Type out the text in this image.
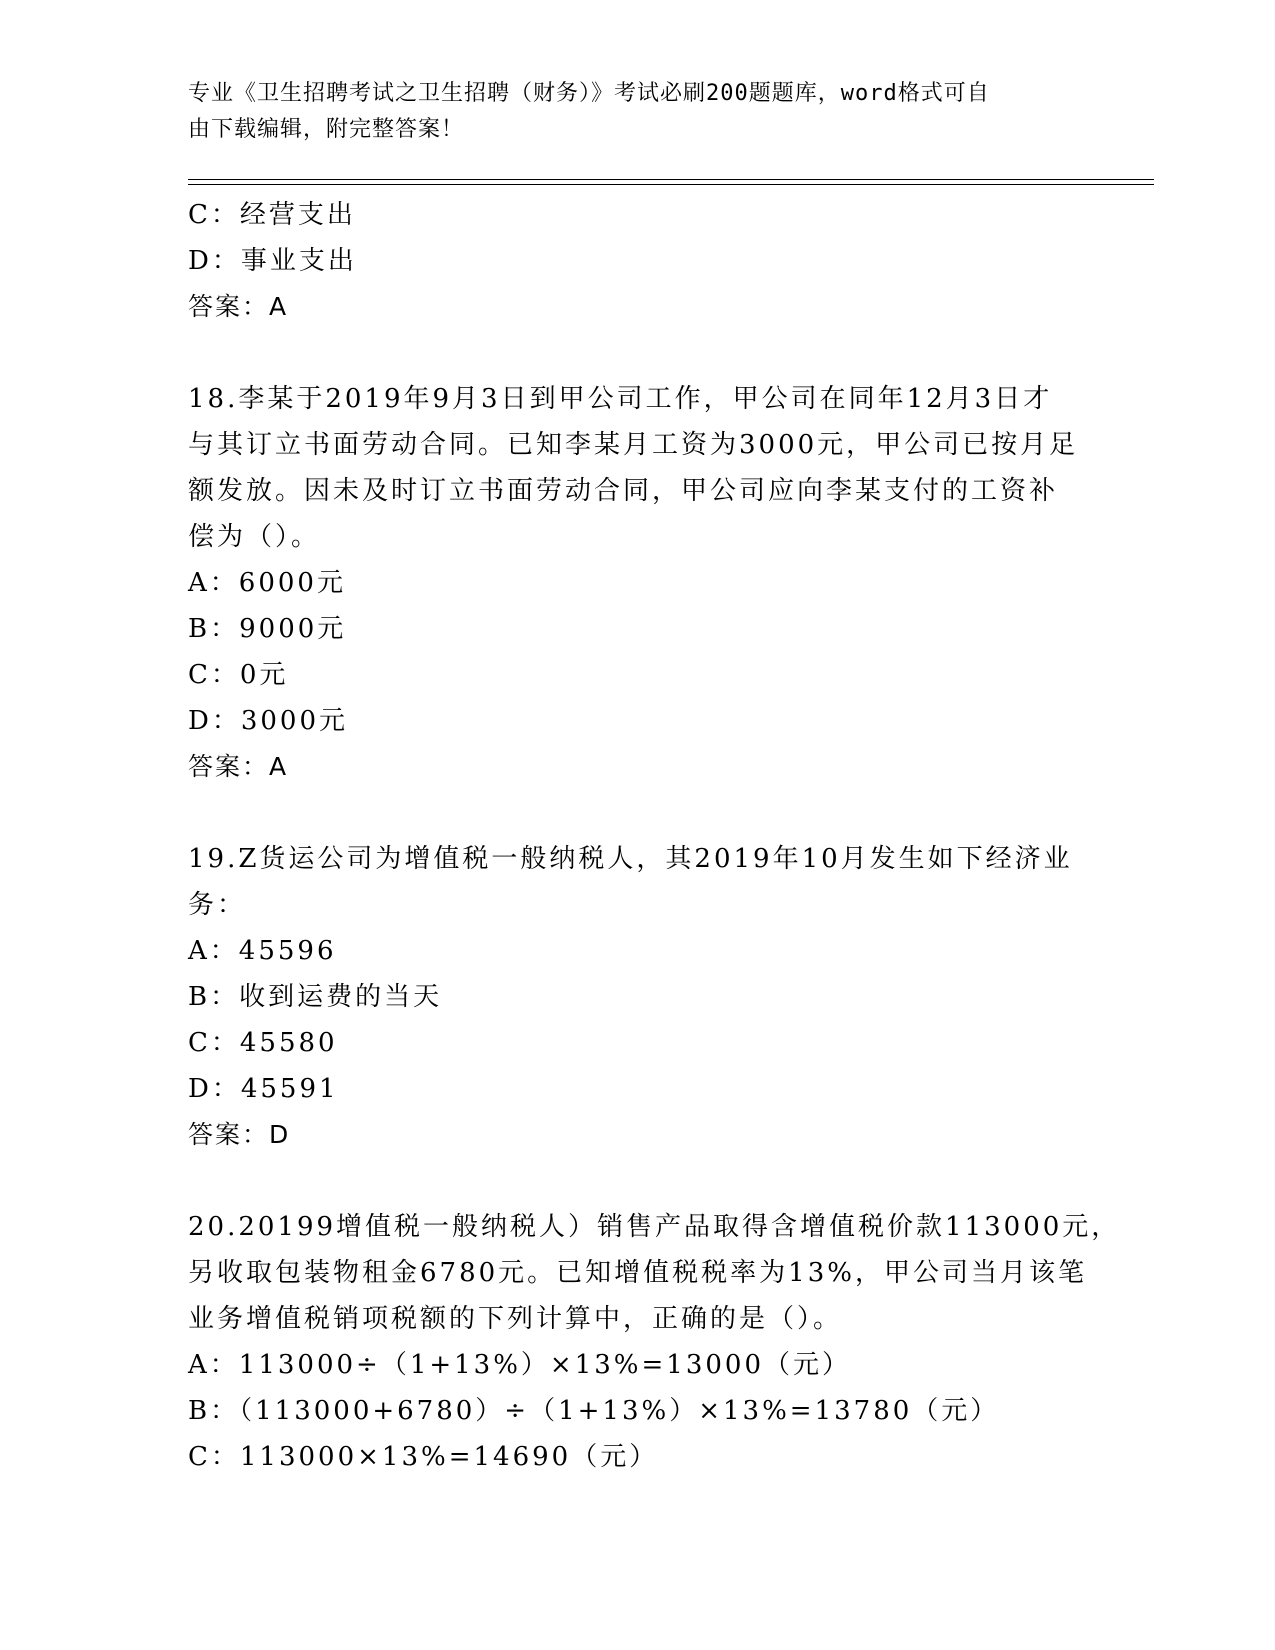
专业《卫生招聘考试之卫生招聘（财务）》考试必刷200题题库，word格式可自
由下载编辑，附完整答案！
C：经营支出
D：事业支出
答案：A
18.李某于2019年9月3日到甲公司工作，甲公司在同年12月3日才
与其订立书面劳动合同。已知李某月工资为3000元，甲公司已按月足
额发放。因未及时订立书面劳动合同，甲公司应向李某支付的工资补
偿为（）。
A：6000元
B：9000元
C：0元
D：3000元
答案：A
19.Z货运公司为增值税一般纳税人，其2019年10月发生如下经济业
务：
A：45596
B：收到运费的当天
C：45580
D：45591
答案：D
20.20199增值税一般纳税人）销售产品取得含增值税价款113000元，
另收取包装物租金6780元。已知增值税税率为13%，甲公司当月该笔
业务增值税销项税额的下列计算中，正确的是（）。
A：113000÷（1+13%）×13%=13000（元）
B：（113000+6780）÷（1+13%）×13%=13780（元）
C：113000×13%=14690（元）
